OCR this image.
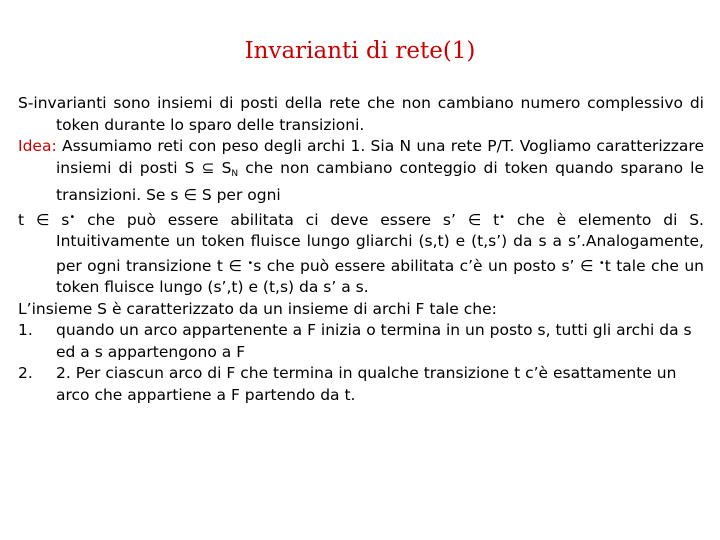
Invarianti di rete(1)

S-invarianti sono insiemi di posti della rete che non cambiano numero complessivo di token durante lo sparo delle transizioni.

Idea: Assumiamo reti con peso degli archi 1. Sia N una rete P/T. Vogliamo caratterizzare insiemi di posti S ⊆ $S_N$ che non cambiano conteggio di token quando sparano le transizioni. Se s ∈ S per ogni

t ∈ s• che può essere abilitata ci deve essere s’ ∈ t• che è elemento di S. Intuitivamente un token fluisce lungo gliarchi (s,t) e (t,s’) da s a s’.Analogamente, per ogni transizione t ∈ •s che può essere abilitata c’è un posto s’ ∈ •t tale che un token fluisce lungo (s’,t) e (t,s) da s’ a s.

L’insieme S è caratterizzato da un insieme di archi F tale che:

1.	quando un arco appartenente a F inizia o termina in un posto s, tutti gli archi da s ed a s appartengono a F
2.	2. Per ciascun arco di F che termina in qualche transizione t c’è esattamente un arco che appartiene a F partendo da t.
